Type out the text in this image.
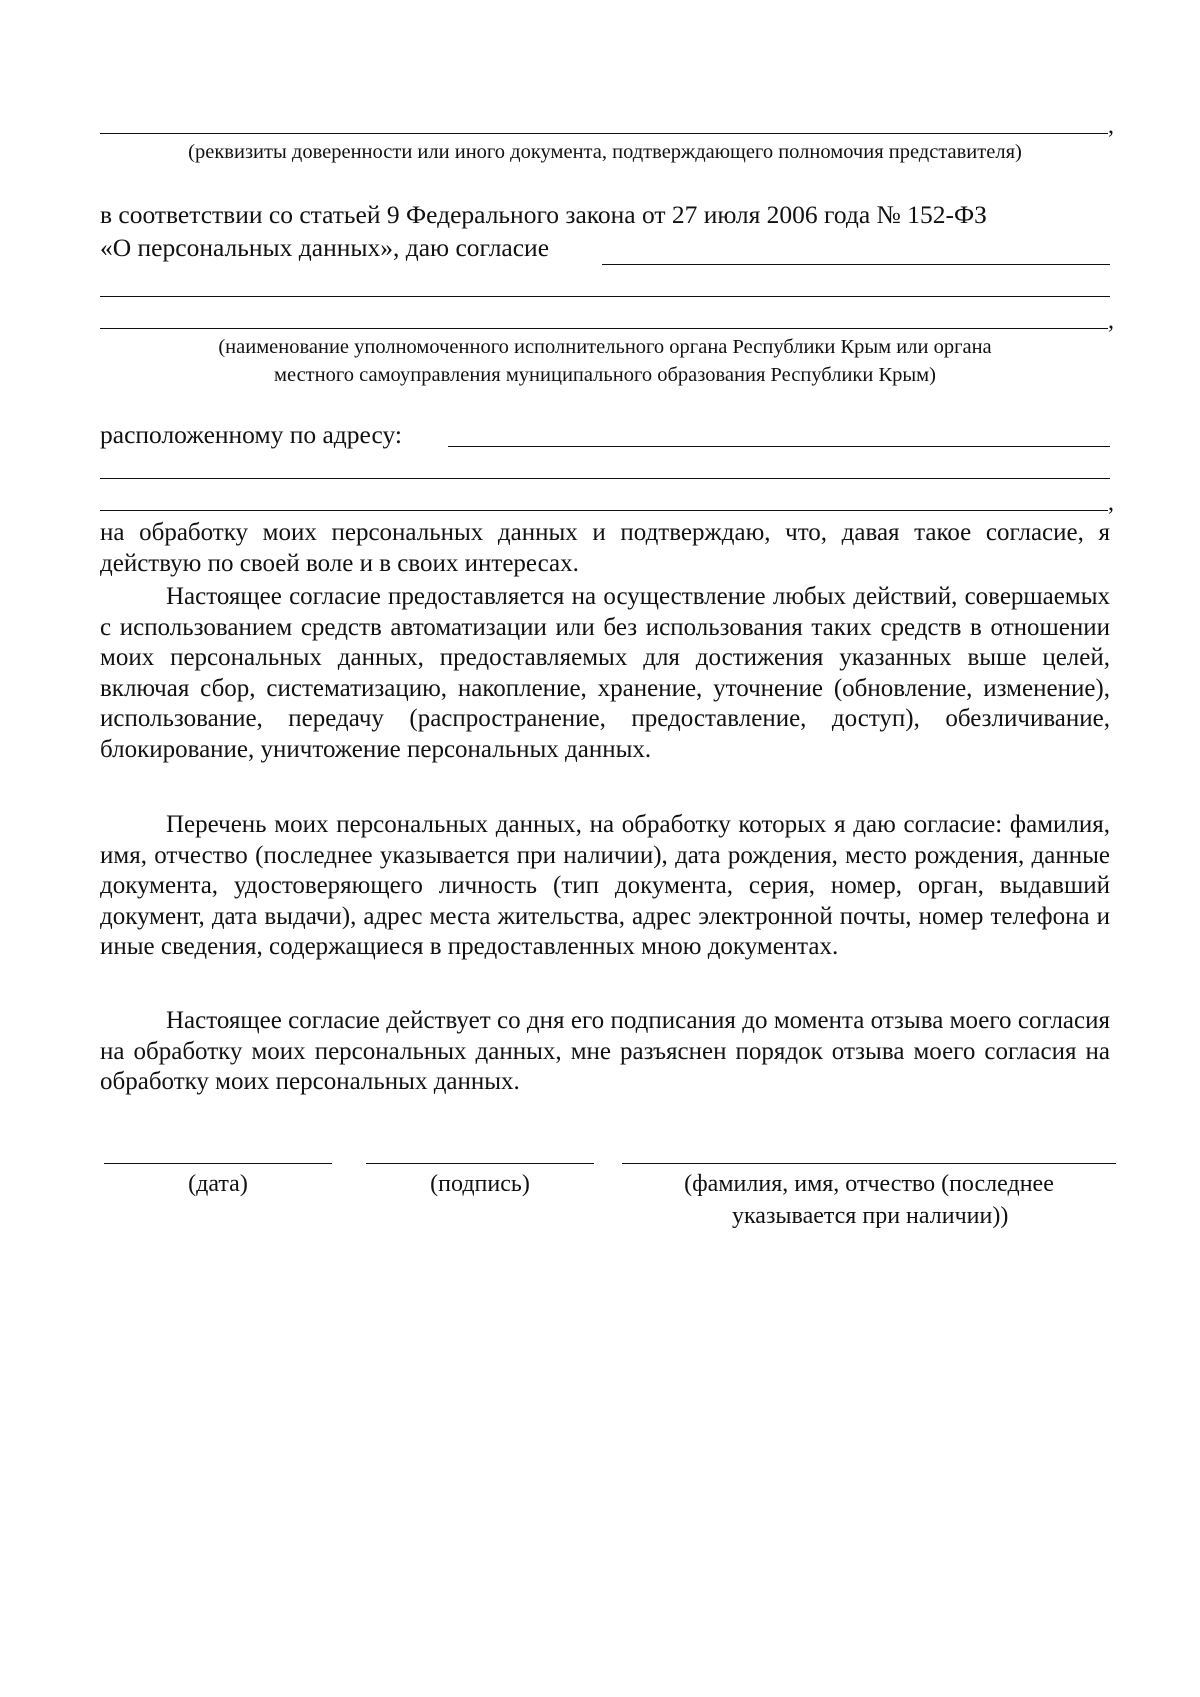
,
(реквизиты доверенности или иного документа, подтверждающего полномочия представителя)
в соответствии со статьей 9 Федерального закона от 27 июля 2006 года № 152-ФЗ
«О персональных данных», даю согласие
,
(наименование уполномоченного исполнительного органа Республики Крым или органа
местного самоуправления муниципального образования Республики Крым)
расположенному по адресу:
,
на обработку моих персональных данных и подтверждаю, что, давая такое согласие, я действую по своей воле и в своих интересах.
Настоящее согласие предоставляется на осуществление любых действий, совершаемых с использованием средств автоматизации или без использования таких средств в отношении моих персональных данных, предоставляемых для достижения указанных выше целей, включая сбор, систематизацию, накопление, хранение, уточнение (обновление, изменение), использование, передачу (распространение, предоставление, доступ), обезличивание, блокирование, уничтожение персональных данных.
Перечень моих персональных данных, на обработку которых я даю согласие: фамилия, имя, отчество (последнее указывается при наличии), дата рождения, место рождения, данные документа, удостоверяющего личность (тип документа, серия, номер, орган, выдавший документ, дата выдачи), адрес места жительства, адрес электронной почты, номер телефона и иные сведения, содержащиеся в предоставленных мною документах.
Настоящее согласие действует со дня его подписания до момента отзыва моего согласия на обработку моих персональных данных, мне разъяснен порядок отзыва моего согласия на обработку моих персональных данных.
(дата)	(подпись)	(фамилия, имя, отчество (последнее
указывается при наличии))
